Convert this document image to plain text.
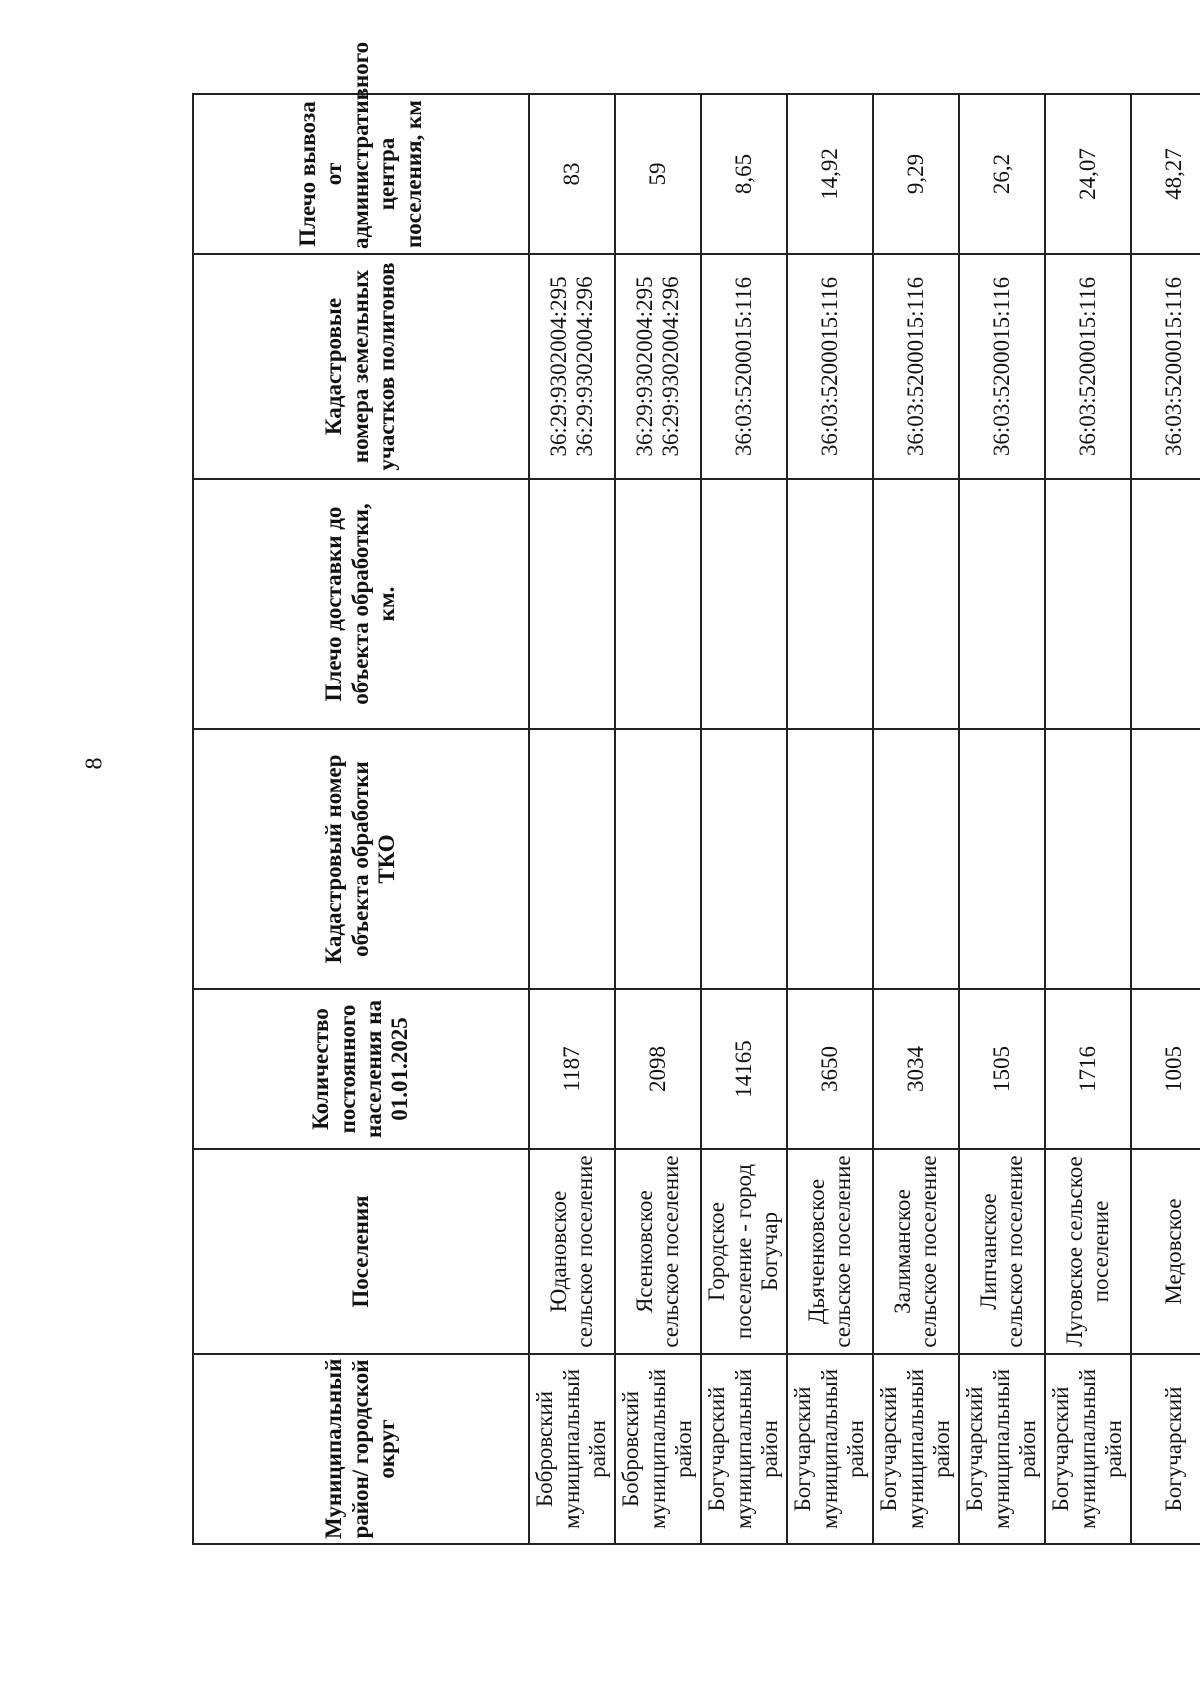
8
Муниципальный район/ городской округ	Поселения	Количество постоянного населения на 01.01.2025	Кадастровый номер объекта обработки ТКО	Плечо доставки до объекта обработки, км.	Кадастровые номера земельных участков полигонов	Плечо вывоза от административного центра поселения, км
Бобровский муниципальный район	Юдановское сельское поселение	1187			36:29:9302004:295 36:29:9302004:296	83
Бобровский муниципальный район	Ясенковское сельское поселение	2098			36:29:9302004:295 36:29:9302004:296	59
Богучарский муниципальный район	Городское поселение - город Богучар	14165			36:03:5200015:116	8,65
Богучарский муниципальный район	Дьяченковское сельское поселение	3650			36:03:5200015:116	14,92
Богучарский муниципальный район	Залиманское сельское поселение	3034			36:03:5200015:116	9,29
Богучарский муниципальный район	Липчанское сельское поселение	1505			36:03:5200015:116	26,2
Богучарский муниципальный район	Луговское сельское поселение	1716			36:03:5200015:116	24,07
Богучарский	Медовское	1005			36:03:5200015:116	48,27
